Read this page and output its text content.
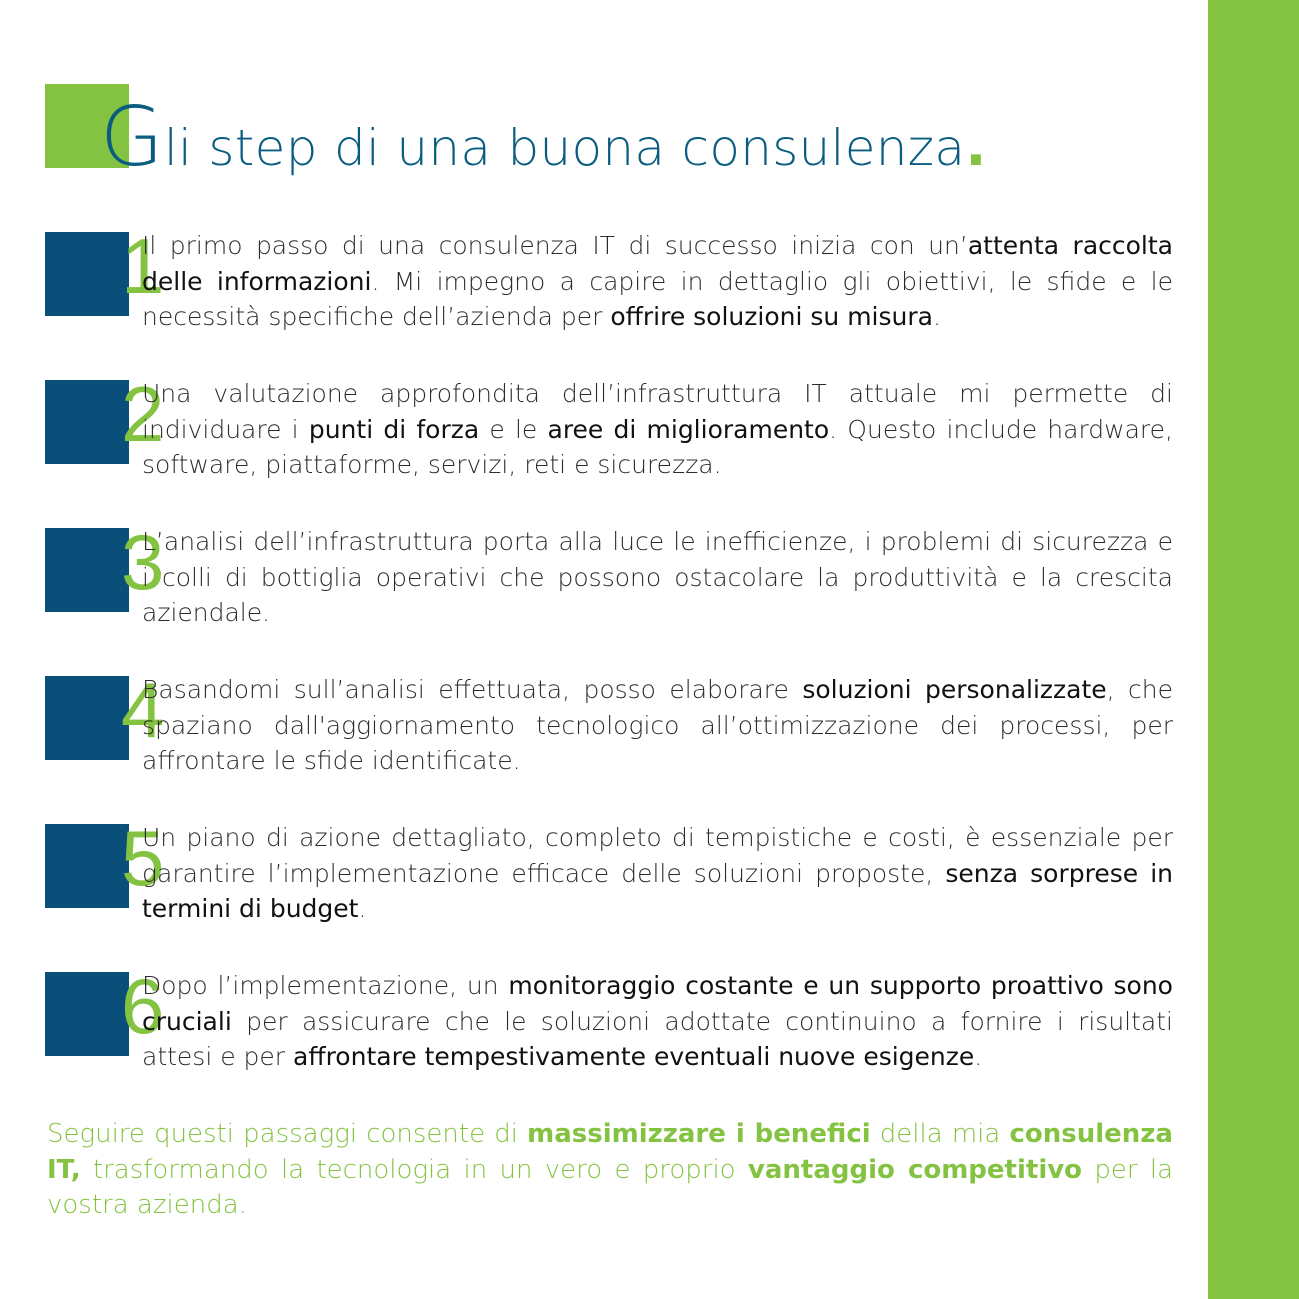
Gli step di una buona consulenza.
1
Il primo passo di una consulenza IT di successo inizia con un’attenta raccolta delle informazioni. Mi impegno a capire in dettaglio gli obiettivi, le sfide e le necessità specifiche dell’azienda per offrire soluzioni su misura.
2
Una valutazione approfondita dell’infrastruttura IT attuale mi permette di individuare i punti di forza e le aree di miglioramento. Questo include hardware, software, piattaforme, servizi, reti e sicurezza.
3
L’analisi dell’infrastruttura porta alla luce le inefficienze, i problemi di sicurezza e i colli di bottiglia operativi che possono ostacolare la produttività e la crescita aziendale.
4
Basandomi sull’analisi effettuata, posso elaborare soluzioni personalizzate, che spaziano dall'aggiornamento tecnologico all’ottimizzazione dei processi, per affrontare le sfide identificate.
5
Un piano di azione dettagliato, completo di tempistiche e costi, è essenziale per garantire l’implementazione efficace delle soluzioni proposte, senza sorprese in termini di budget.
6
Dopo l’implementazione, un monitoraggio costante e un supporto proattivo sono cruciali per assicurare che le soluzioni adottate continuino a fornire i risultati attesi e per affrontare tempestivamente eventuali nuove esigenze.
Seguire questi passaggi consente di massimizzare i benefici della mia consulenza IT, trasformando la tecnologia in un vero e proprio vantaggio competitivo per la vostra azienda.
